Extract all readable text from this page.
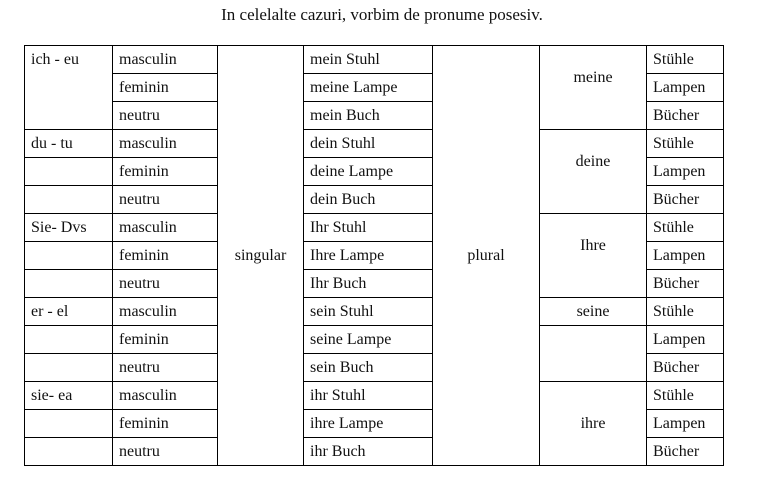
In celelalte cazuri, vorbim de pronume posesiv.
ich - eu	masculin	singular	mein Stuhl	plural	meine	Stühle
	feminin		meine Lampe			Lampen
	neutru		mein Buch			Bücher
du - tu	masculin		dein Stuhl		deine	Stühle
	feminin		deine Lampe			Lampen
	neutru		dein Buch			Bücher
Sie- Dvs	masculin		Ihr Stuhl		Ihre	Stühle
	feminin		Ihre Lampe			Lampen
	neutru		Ihr Buch			Bücher
er - el	masculin		sein Stuhl		seine	Stühle
	feminin		seine Lampe			Lampen
	neutru		sein Buch			Bücher
sie- ea	masculin		ihr Stuhl		ihre	Stühle
	feminin		ihre Lampe			Lampen
	neutru		ihr Buch			Bücher
